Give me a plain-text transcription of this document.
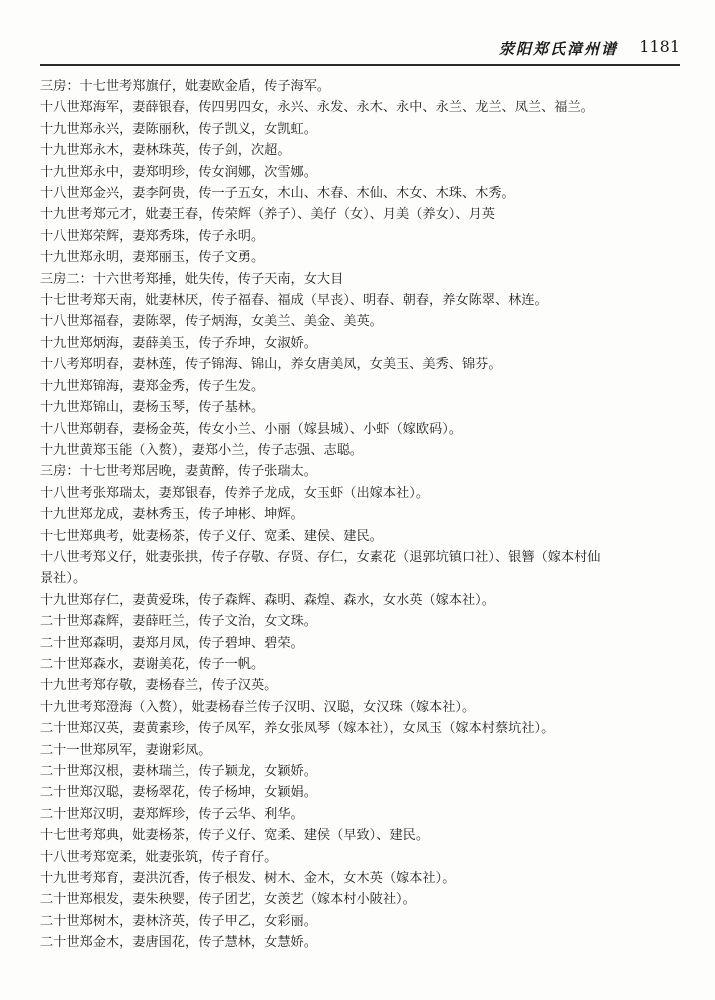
荥阳郑氏漳州谱 1181
三房：十七世考郑旗仔，妣妻欧金盾，传子海军。
十八世郑海军，妻薛银春，传四男四女，永兴、永发、永木、永中、永兰、龙兰、凤兰、福兰。
十九世郑永兴，妻陈丽秋，传子凯义，女凯虹。
十九世郑永木，妻林珠英，传子剑，次超。
十九世郑永中，妻郑明珍，传女润娜，次雪娜。
十八世郑金兴，妻李阿贵，传一子五女，木山、木春、木仙、木女、木珠、木秀。
十九世考郑元才，妣妻王春，传荣辉（养子）、美仔（女）、月美（养女）、月英
十八世郑荣辉，妻郑秀珠，传子永明。
十九世郑永明，妻郑丽玉，传子文勇。
三房二：十六世考郑捶，妣失传，传子天南，女大目
十七世考郑天南，妣妻林厌，传子福春、福成（早丧）、明春、朝春，养女陈翠、林连。
十八世郑福春，妻陈翠，传子炳海，女美兰、美金、美英。
十九世郑炳海，妻薛美玉，传子乔坤，女淑娇。
十八考郑明春，妻林莲，传子锦海、锦山，养女唐美凤，女美玉、美秀、锦芬。
十九世郑锦海，妻郑金秀，传子生发。
十九世郑锦山，妻杨玉琴，传子基林。
十八世郑朝春，妻杨金英，传女小兰、小丽（嫁县城）、小虾（嫁欧码）。
十九世黄郑玉能（入赘），妻郑小兰，传子志强、志聪。
三房：十七世考郑居晚，妻黄醉，传子张瑞太。
十八世考张郑瑞太，妻郑银春，传养子龙成，女玉虾（出嫁本社）。
十九世郑龙成，妻林秀玉，传子坤彬、坤辉。
十七世郑典考，妣妻杨茶，传子义仔、宽柔、建侯、建民。
十八世考郑义仔，妣妻张拱，传子存敬、存贤、存仁，女素花（退郭坑镇口社）、银簪（嫁本村仙
景社）。
十九世郑存仁，妻黄爱珠，传子森辉、森明、森煌、森水，女水英（嫁本社）。
二十世郑森辉，妻薛旺兰，传子文治，女文珠。
二十世郑森明，妻郑月凤，传子碧坤、碧荣。
二十世郑森水，妻谢美花，传子一帆。
十九世考郑存敬，妻杨春兰，传子汉英。
十九世考郑澄海（入赘），妣妻杨春兰传子汉明、汉聪，女汉珠（嫁本社）。
二十世郑汉英，妻黄素珍，传子凤军，养女张凤琴（嫁本社），女凤玉（嫁本村蔡坑社）。
二十一世郑夙军，妻谢彩凤。
二十世郑汉根，妻林瑞兰，传子颖龙，女颖娇。
二十世郑汉聪，妻杨翠花，传子杨坤，女颖娟。
二十世郑汉明，妻郑辉珍，传子云华、利华。
十七世考郑典，妣妻杨茶，传子义仔、宽柔、建侯（早致）、建民。
十八世考郑宽柔，妣妻张筑，传子育仔。
十九世考郑育，妻洪沉香，传子根发、树木、金木，女木英（嫁本社）。
二十世郑根发，妻朱秧婴，传子团艺，女羡艺（嫁本村小陂社）。
二十世郑树木，妻林济英，传子甲乙，女彩丽。
二十世郑金木，妻唐国花，传子慧林，女慧娇。
